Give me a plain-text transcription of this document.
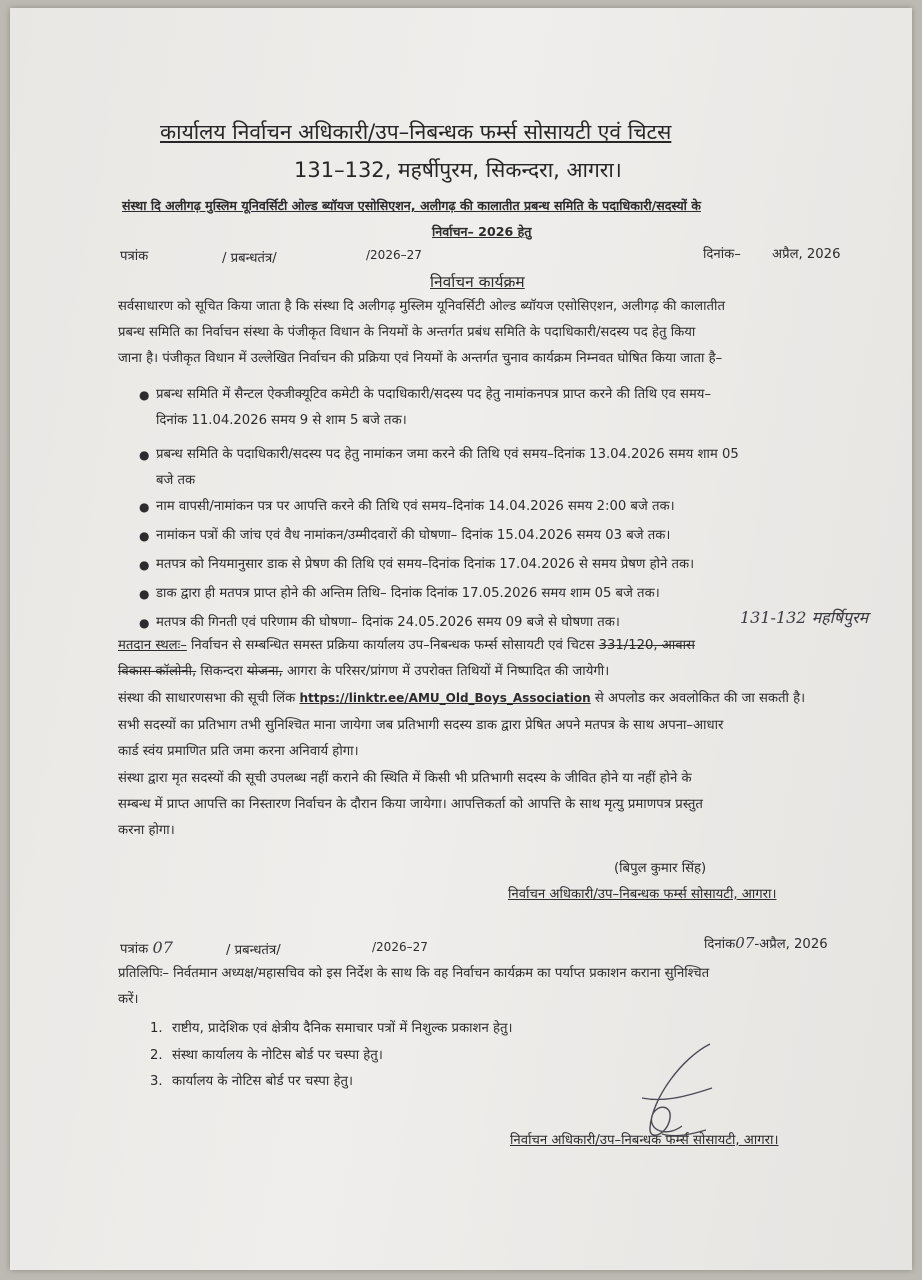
कार्यालय निर्वाचन अधिकारी/उप–निबन्धक फर्म्स सोसायटी एवं चिटस
131–132, महर्षीपुरम, सिकन्दरा, आगरा।
संस्था दि अलीगढ़ मुस्लिम यूनिवर्सिटी ओल्ड ब्यॉयज एसोसिएशन, अलीगढ़ की कालातीत प्रबन्ध समिति के पदाधिकारी/सदस्यों के
निर्वाचन– 2026 हेतु
पत्रांक	/ प्रबन्धतंत्र/	/2026–27	दिनांक– अप्रैल, 2026
निर्वाचन कार्यक्रम
सर्वसाधारण को सूचित किया जाता है कि संस्था दि अलीगढ़ मुस्लिम यूनिवर्सिटी ओल्ड ब्यॉयज एसोसिएशन, अलीगढ़ की कालातीत
प्रबन्ध समिति का निर्वाचन संस्था के पंजीकृत विधान के नियमों के अन्तर्गत प्रबंध समिति के पदाधिकारी/सदस्य पद हेतु किया
जाना है। पंजीकृत विधान में उल्लेखित निर्वाचन की प्रक्रिया एवं नियमों के अन्तर्गत चुनाव कार्यक्रम निम्नवत घोषित किया जाता है–
● प्रबन्ध समिति में सैन्टल ऐक्जीक्यूटिव कमेटी के पदाधिकारी/सदस्य पद हेतु नामांकनपत्र प्राप्त करने की तिथि एव समय–
दिनांक 11.04.2026 समय 9 से शाम 5 बजे तक।
● प्रबन्ध समिति के पदाधिकारी/सदस्य पद हेतु नामांकन जमा करने की तिथि एवं समय–दिनांक 13.04.2026 समय शाम 05
बजे तक
● नाम वापसी/नामांकन पत्र पर आपत्ति करने की तिथि एवं समय–दिनांक 14.04.2026 समय 2:00 बजे तक।
● नामांकन पत्रों की जांच एवं वैध नामांकन/उम्मीदवारों की घोषणा– दिनांक 15.04.2026 समय 03 बजे तक।
● मतपत्र को नियमानुसार डाक से प्रेषण की तिथि एवं समय–दिनांक दिनांक 17.04.2026 से समय प्रेषण होने तक।
● डाक द्वारा ही मतपत्र प्राप्त होने की अन्तिम तिथि– दिनांक दिनांक 17.05.2026 समय शाम 05 बजे तक।
● मतपत्र की गिनती एवं परिणाम की घोषणा– दिनांक 24.05.2026 समय 09 बजे से घोषणा तक।	131-132 महर्षिपुरम
मतदान स्थलः– निर्वाचन से सम्बन्धित समस्त प्रक्रिया कार्यालय उप–निबन्धक फर्म्स सोसायटी एवं चिटस 331/120, आवास
विकास कॉलोनी, सिकन्दरा योजना, आगरा के परिसर/प्रांगण में उपरोक्त तिथियों में निष्पादित की जायेगी।
संस्था की साधारणसभा की सूची लिंक https://linktr.ee/AMU_Old_Boys_Association से अपलोड कर अवलोकित की जा सकती है।
सभी सदस्यों का प्रतिभाग तभी सुनिश्चित माना जायेगा जब प्रतिभागी सदस्य डाक द्वारा प्रेषित अपने मतपत्र के साथ अपना–आधार
कार्ड स्वंय प्रमाणित प्रति जमा करना अनिवार्य होगा।
संस्था द्वारा मृत सदस्यों की सूची उपलब्ध नहीं कराने की स्थिति में किसी भी प्रतिभागी सदस्य के जीवित होने या नहीं होने के
सम्बन्ध में प्राप्त आपत्ति का निस्तारण निर्वाचन के दौरान किया जायेगा। आपत्तिकर्ता को आपत्ति के साथ मृत्यु प्रमाणपत्र प्रस्तुत
करना होगा।
(बिपुल कुमार सिंह)
निर्वाचन अधिकारी/उप–निबन्धक फर्म्स सोसायटी, आगरा।
पत्रांक 07	/ प्रबन्धतंत्र/	/2026–27	दिनांक07-अप्रैल, 2026
प्रतिलिपिः– निर्वतमान अध्यक्ष/महासचिव को इस निर्देश के साथ कि वह निर्वाचन कार्यक्रम का पर्याप्त प्रकाशन कराना सुनिश्चित
करें।
1. राष्टीय, प्रादेशिक एवं क्षेत्रीय दैनिक समाचार पत्रों में निशुल्क प्रकाशन हेतु।
2. संस्था कार्यालय के नोटिस बोर्ड पर चस्पा हेतु।
3. कार्यालय के नोटिस बोर्ड पर चस्पा हेतु।
निर्वाचन अधिकारी/उप–निबन्धक फर्म्स सोसायटी, आगरा।
